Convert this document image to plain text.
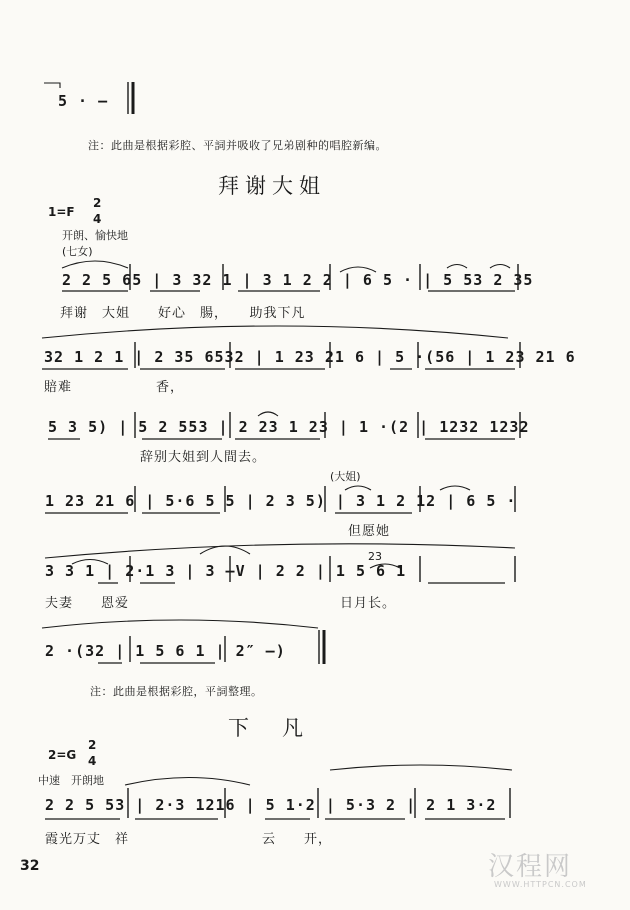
5 · —
注：此曲是根据彩腔、平詞并吸收了兄弟剧种的唱腔新编。
拜谢大姐
1=F
2
4
开朗、愉快地
(七女)
2 2 5 65 | 3 32 1 | 3 1 2 2 | 6 5 · | 5 53 2 35
拜谢　大姐　　好心　腸，　　助我下凡
32 1 2 1 | 2 35 6532 | 1 23 21 6 | 5 ·(56 | 1 23 21 6
賠难　　　　　　香，
5 3 5) | 5 2 553 | 2 23 1 23 | 1 ·(2 | 1232 1232
辞别大姐到人間去。
(大姐)
1 23 21 6 | 5·6 5 5 | 2 3 5) | 3 1 2 12 | 6 5 ·
但愿她
23
3 3 1 | 2·1 3 | 3 —V | 2 2 | 1 5 6 1
夫妻　　恩爱	日月长。
2 ·(32 | 1 5 6 1 | 2″ —)
注：此曲是根据彩腔，平詞整理。
下　凡
2=G
2
4
中速　开朗地
2 2 5 53 | 2·3 1216 | 5 1·2 | 5·3 2 | 2 1 3·2
霞光万丈　祥	云　　开，
32	汉程网
WWW.HTTPCN.COM
